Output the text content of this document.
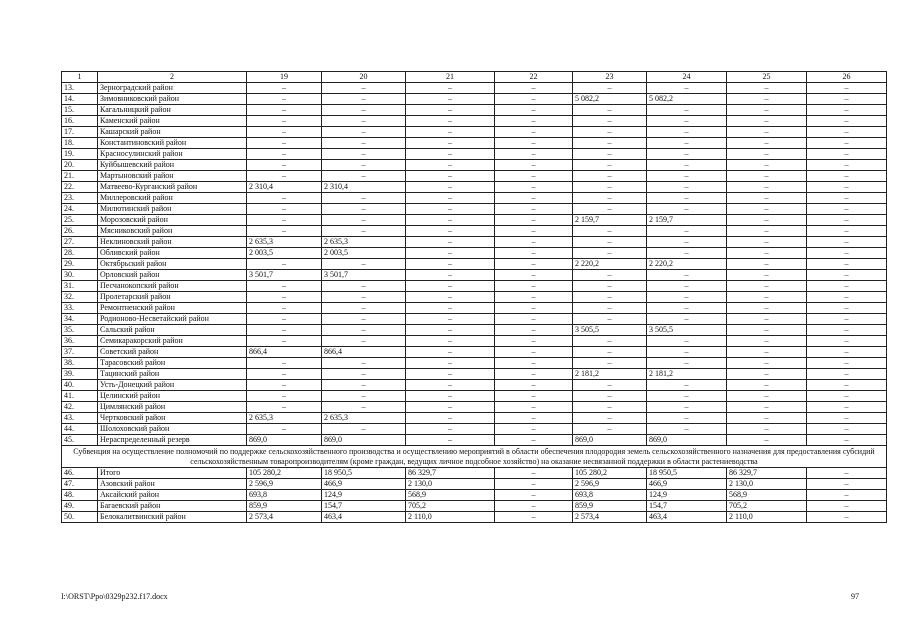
1	2	19	20	21	22	23	24	25	26
13.	Зерноградский район	–	–	–	–	–	–	–	–
14.	Зимовниковский район	–	–	–	–	5 082,2	5 082,2	–	–
15.	Кагальницкий район	–	–	–	–	–	–	–	–
16.	Каменский район	–	–	–	–	–	–	–	–
17.	Кашарский район	–	–	–	–	–	–	–	–
18.	Константиновский район	–	–	–	–	–	–	–	–
19.	Красносулинский район	–	–	–	–	–	–	–	–
20.	Куйбышевский район	–	–	–	–	–	–	–	–
21.	Мартыновский район	–	–	–	–	–	–	–	–
22.	Матвеево-Курганский район	2 310,4	2 310,4	–	–	–	–	–	–
23.	Миллеровский район	–	–	–	–	–	–	–	–
24.	Милютинский район	–	–	–	–	–	–	–	–
25.	Морозовский район	–	–	–	–	2 159,7	2 159,7	–	–
26.	Мясниковский район	–	–	–	–	–	–	–	–
27.	Неклиновский район	2 635,3	2 635,3	–	–	–	–	–	–
28.	Обливский район	2 003,5	2 003,5	–	–	–	–	–	–
29.	Октябрьский район	–	–	–	–	2 220,2	2 220,2	–	–
30.	Орловский район	3 501,7	3 501,7	–	–	–	–	–	–
31.	Песчанокопский район	–	–	–	–	–	–	–	–
32.	Пролетарский район	–	–	–	–	–	–	–	–
33.	Ремонтненский район	–	–	–	–	–	–	–	–
34.	Родионово-Несветайский район	–	–	–	–	–	–	–	–
35.	Сальский район	–	–	–	–	3 505,5	3 505,5	–	–
36.	Семикаракорский район	–	–	–	–	–	–	–	–
37.	Советский район	866,4	866,4	–	–	–	–	–	–
38.	Тарасовский район	–	–	–	–	–	–	–	–
39.	Тацинский район	–	–	–	–	2 181,2	2 181,2	–	–
40.	Усть-Донецкий район	–	–	–	–	–	–	–	–
41.	Целинский район	–	–	–	–	–	–	–	–
42.	Цимлянский район	–	–	–	–	–	–	–	–
43.	Чертковский район	2 635,3	2 635,3	–	–	–	–	–	–
44.	Шолоховский район	–	–	–	–	–	–	–	–
45.	Нераспределенный резерв	869,0	869,0	–	–	869,0	869,0	–	–
Субвенция на осуществление полномочий по поддержке сельскохозяйственного производства и осуществлению мероприятий в области обеспечения плодородия земель сельскохозяйственного назначения для предоставления субсидий сельскохозяйственным товаропроизводителям (кроме граждан, ведущих личное подсобное хозяйство) на оказание несвязанной поддержки в области растениеводства									
46.	Итого	105 280,2	18 950,5	86 329,7	–	105 280,2	18 950,5	86 329,7	–
47.	Азовский район	2 596,9	466,9	2 130,0	–	2 596,9	466,9	2 130,0	–
48.	Аксайский район	693,8	124,9	568,9	–	693,8	124,9	568,9	–
49.	Багаевский район	859,9	154,7	705,2	–	859,9	154,7	705,2	–
50.	Белокалитвинский район	2 573,4	463,4	2 110,0	–	2 573,4	463,4	2 110,0	–
I:\ORST\Ppo\0329p232.f17.docx	97
